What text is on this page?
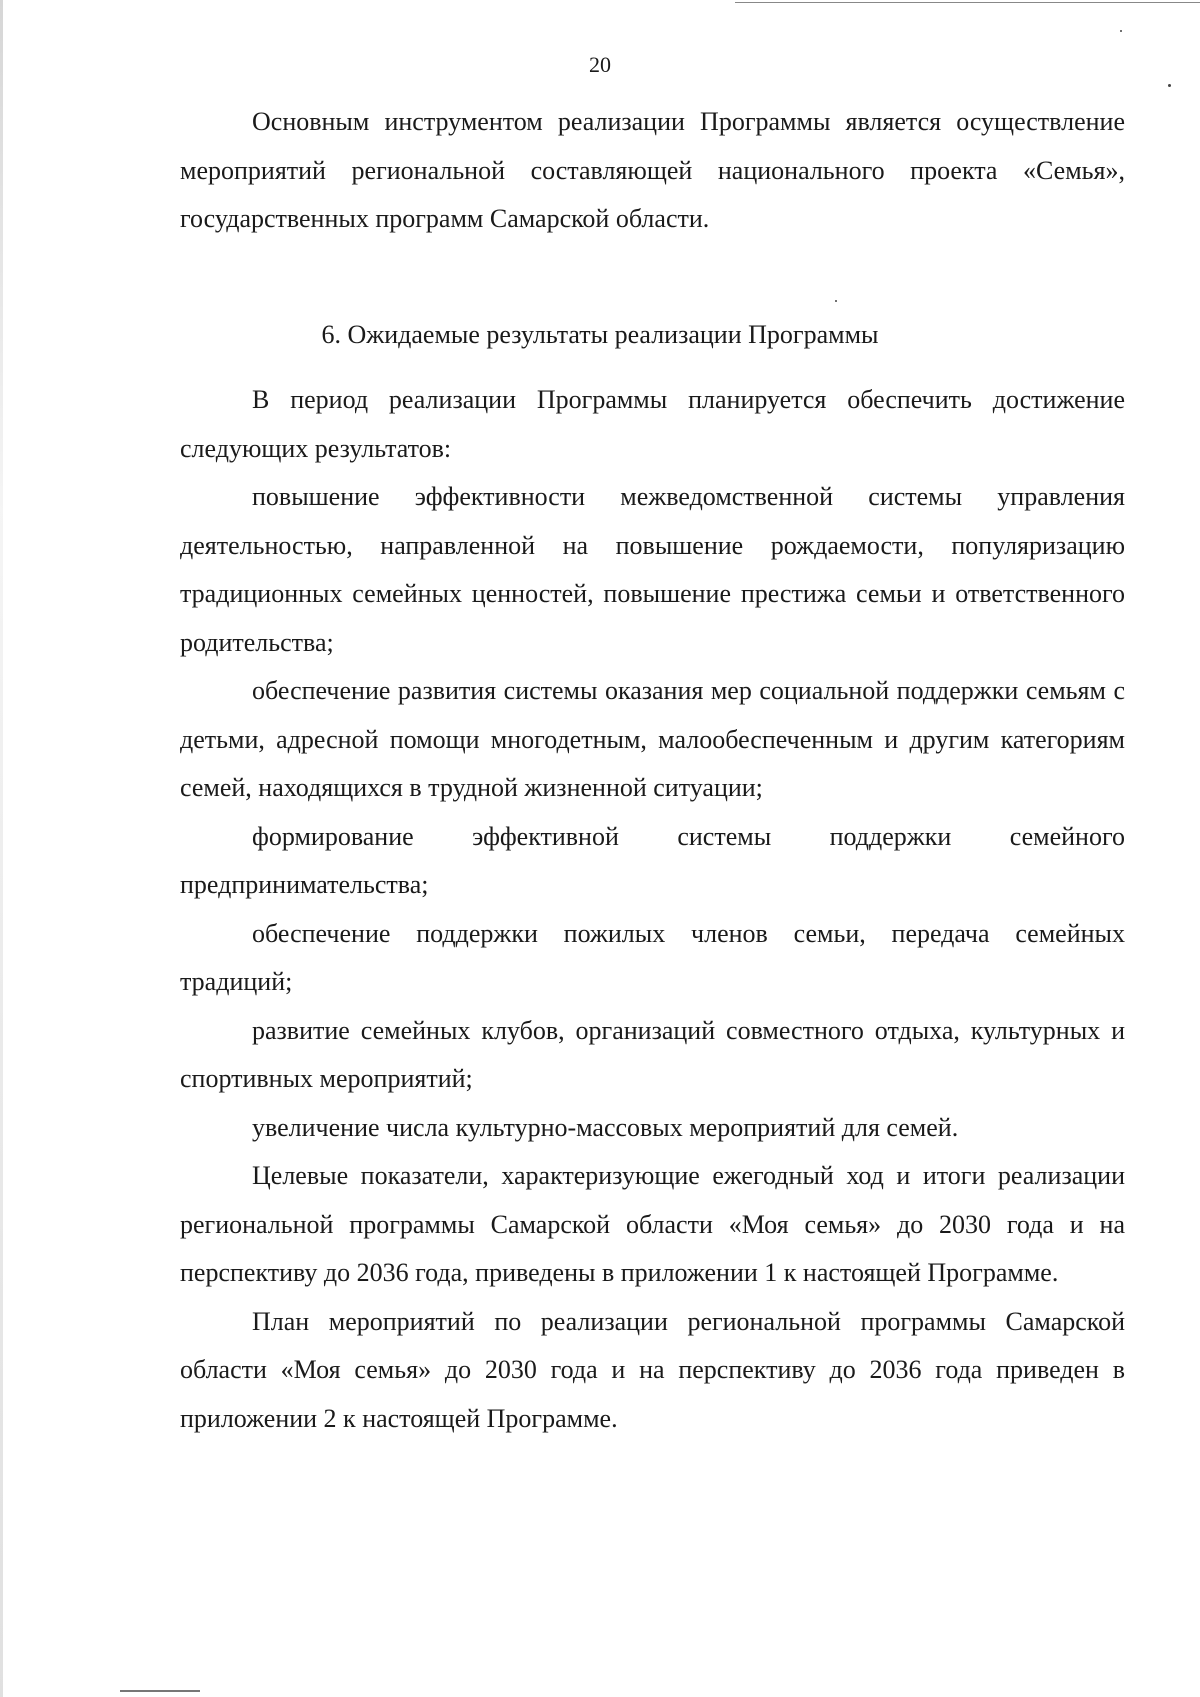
20

Основным инструментом реализации Программы является осуществление мероприятий региональной составляющей национального проекта «Семья», государственных программ Самарской области.

6. Ожидаемые результаты реализации Программы

В период реализации Программы планируется обеспечить достижение следующих результатов:

повышение эффективности межведомственной системы управления деятельностью, направленной на повышение рождаемости, популяризацию традиционных семейных ценностей, повышение престижа семьи и ответственного родительства;

обеспечение развития системы оказания мер социальной поддержки семьям с детьми, адресной помощи многодетным, малообеспеченным и другим категориям семей, находящихся в трудной жизненной ситуации;

формирование эффективной системы поддержки семейного предпринимательства;

обеспечение поддержки пожилых членов семьи, передача семейных традиций;

развитие семейных клубов, организаций совместного отдыха, культурных и спортивных мероприятий;

увеличение числа культурно-массовых мероприятий для семей.

Целевые показатели, характеризующие ежегодный ход и итоги реализации региональной программы Самарской области «Моя семья» до 2030 года и на перспективу до 2036 года, приведены в приложении 1 к настоящей Программе.

План мероприятий по реализации региональной программы Самарской области «Моя семья» до 2030 года и на перспективу до 2036 года приведен в приложении 2 к настоящей Программе.
